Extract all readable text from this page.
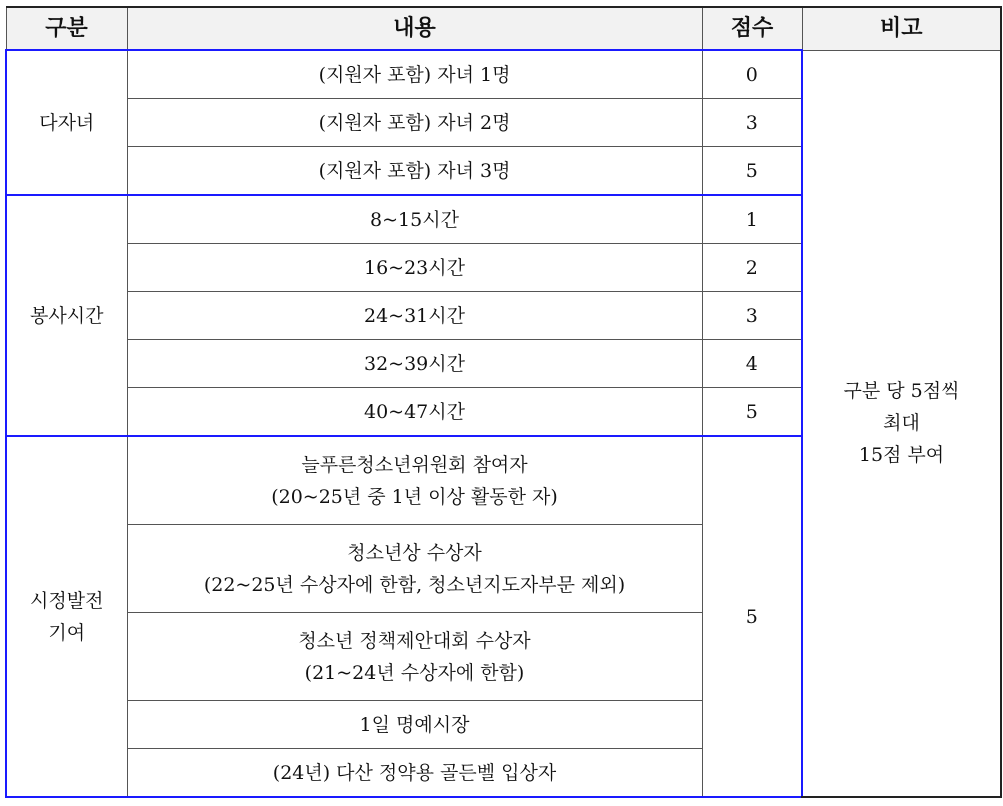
구분	내용	점수	비고
다자녀	(지원자 포함) 자녀 1명	0	구분 당 5점씩
최대
15점 부여

	(지원자 포함) 자녀 2명	3	
	(지원자 포함) 자녀 3명	5	
봉사시간	8~15시간	1	
	16~23시간	2	
	24~31시간	3	
	32~39시간	4	
	40~47시간	5	

시정발전
기여	늘푸른청소년위원회 참여자
(20~25년 중 1년 이상 활동한 자)	5	

	청소년상 수상자
(22~25년 수상자에 한함, 청소년지도자부문 제외)		

	청소년 정책제안대회 수상자
(21~24년 수상자에 한함)		

	1일 명예시장		
	(24년) 다산 정약용 골든벨 입상자		
